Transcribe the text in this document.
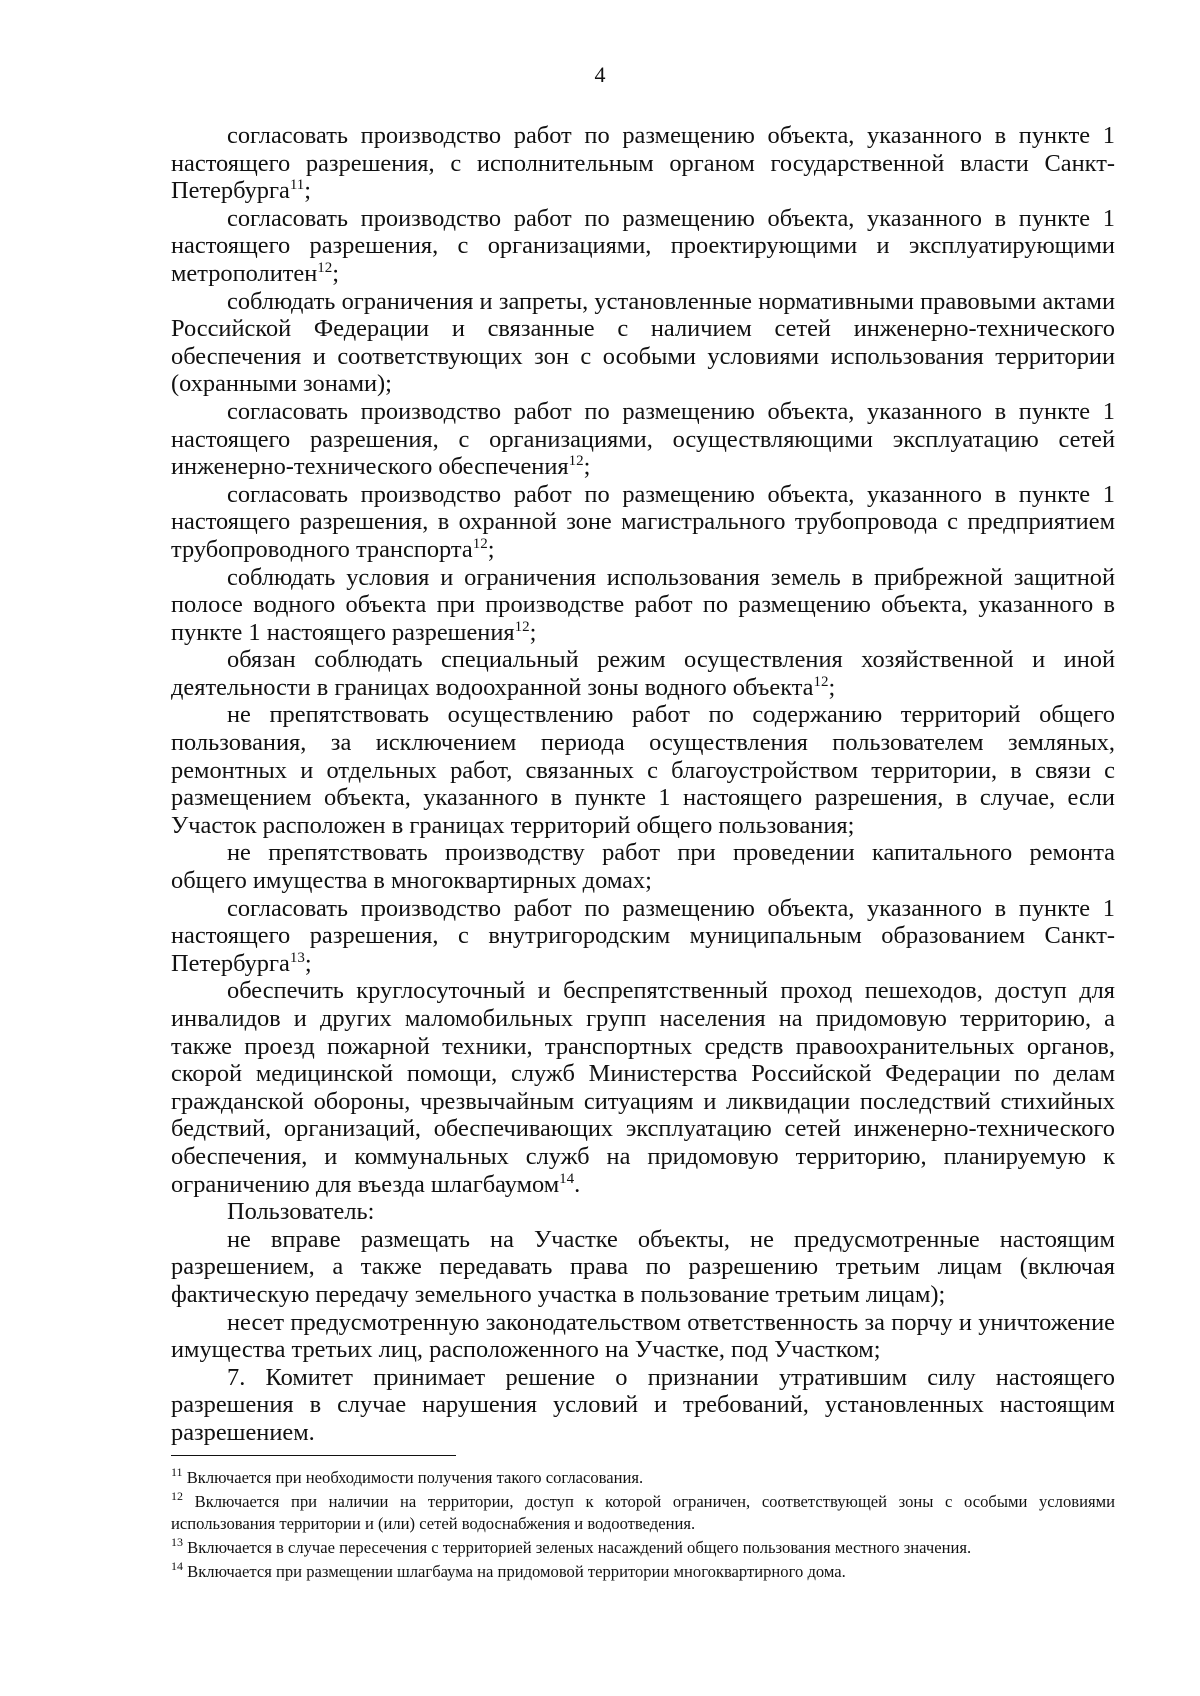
4

согласовать производство работ по размещению объекта, указанного в пункте 1 настоящего разрешения, с исполнительным органом государственной власти Санкт-Петербурга$^{11}$;

согласовать производство работ по размещению объекта, указанного в пункте 1 настоящего разрешения, с организациями, проектирующими и эксплуатирующими метрополитен$^{12}$;

соблюдать ограничения и запреты, установленные нормативными правовыми актами Российской Федерации и связанные с наличием сетей инженерно-технического обеспечения и соответствующих зон с особыми условиями использования территории (охранными зонами);

согласовать производство работ по размещению объекта, указанного в пункте 1 настоящего разрешения, с организациями, осуществляющими эксплуатацию сетей инженерно-технического обеспечения$^{12}$;

согласовать производство работ по размещению объекта, указанного в пункте 1 настоящего разрешения, в охранной зоне магистрального трубопровода с предприятием трубопроводного транспорта$^{12}$;

соблюдать условия и ограничения использования земель в прибрежной защитной полосе водного объекта при производстве работ по размещению объекта, указанного в пункте 1 настоящего разрешения$^{12}$;

обязан соблюдать специальный режим осуществления хозяйственной и иной деятельности в границах водоохранной зоны водного объекта$^{12}$;

не препятствовать осуществлению работ по содержанию территорий общего пользования, за исключением периода осуществления пользователем земляных, ремонтных и отдельных работ, связанных с благоустройством территории, в связи с размещением объекта, указанного в пункте 1 настоящего разрешения, в случае, если Участок расположен в границах территорий общего пользования;

не препятствовать производству работ при проведении капитального ремонта общего имущества в многоквартирных домах;

согласовать производство работ по размещению объекта, указанного в пункте 1 настоящего разрешения, с внутригородским муниципальным образованием Санкт-Петербурга$^{13}$;

обеспечить круглосуточный и беспрепятственный проход пешеходов, доступ для инвалидов и других маломобильных групп населения на придомовую территорию, а также проезд пожарной техники, транспортных средств правоохранительных органов, скорой медицинской помощи, служб Министерства Российской Федерации по делам гражданской обороны, чрезвычайным ситуациям и ликвидации последствий стихийных бедствий, организаций, обеспечивающих эксплуатацию сетей инженерно-технического обеспечения, и коммунальных служб на придомовую территорию, планируемую к ограничению для въезда шлагбаумом$^{14}$.

Пользователь:

не вправе размещать на Участке объекты, не предусмотренные настоящим разрешением, а также передавать права по разрешению третьим лицам (включая фактическую передачу земельного участка в пользование третьим лицам);

несет предусмотренную законодательством ответственность за порчу и уничтожение имущества третьих лиц, расположенного на Участке, под Участком;

7. Комитет принимает решение о признании утратившим силу настоящего разрешения в случае нарушения условий и требований, установленных настоящим разрешением.

$^{11}$ Включается при необходимости получения такого согласования.

$^{12}$ Включается при наличии на территории, доступ к которой ограничен, соответствующей зоны с особыми условиями использования территории и (или) сетей водоснабжения и водоотведения.

$^{13}$ Включается в случае пересечения с территорией зеленых насаждений общего пользования местного значения.

$^{14}$ Включается при размещении шлагбаума на придомовой территории многоквартирного дома.
